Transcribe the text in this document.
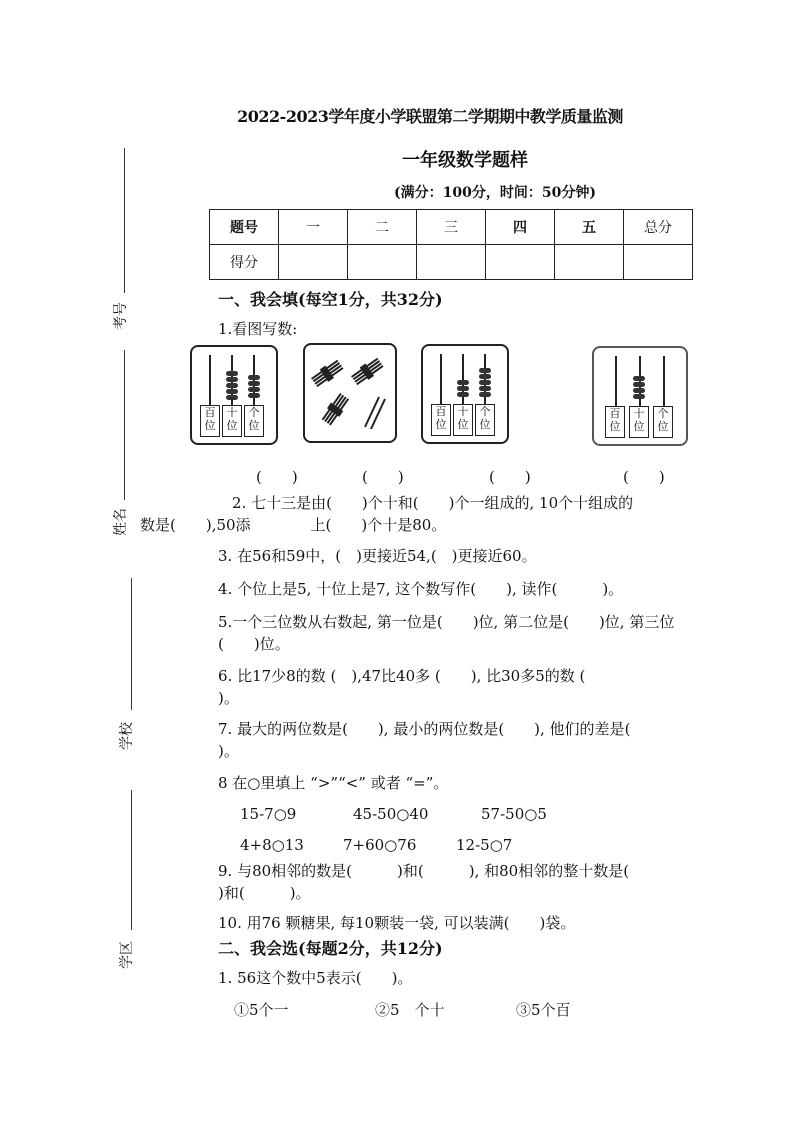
2022-2023学年度小学联盟第二学期期中教学质量监测
一年级数学题样
(满分：100分，时间：50分钟)
题号	一	二	三	四	五	总分
得分						
考号
姓名
学校
学区
一、我会填(每空1分，共32分)
1.看图写数:
百
位
十
位
个
位
百
位
十
位
个
位
百
位
十
位
个
位
(　　)	(　　)	(　　)	(　　)
2. 七十三是由(　　)个十和(　　)个一组成的, 10个十组成的
数是(　　),50添　　　　上(　　)个十是80。
3. 在56和59中，(　)更接近54,(　)更接近60。
4. 个位上是5, 十位上是7, 这个数写作(　　), 读作(　　　)。
5.一个三位数从右数起, 第一位是(　　)位, 第二位是(　　)位, 第三位
(　　)位。
6. 比17少8的数 (　),47比40多 (　　), 比30多5的数 (
)。
7. 最大的两位数是(　　), 最小的两位数是(　　), 他们的差是(
)。
8 在○里填上 “>”“<” 或者 “=”。
15-7○9	45-50○40	57-50○5
4+8○13	7+60○76	12-5○7
9. 与80相邻的数是(　　　)和(　　　), 和80相邻的整十数是(
)和(　　　)。
10. 用76 颗糖果, 每10颗装一袋, 可以装满(　　)袋。
二、我会选(每题2分，共12分)
1. 56这个数中5表示(　　)。
①5个一	②5　个十	③5个百
